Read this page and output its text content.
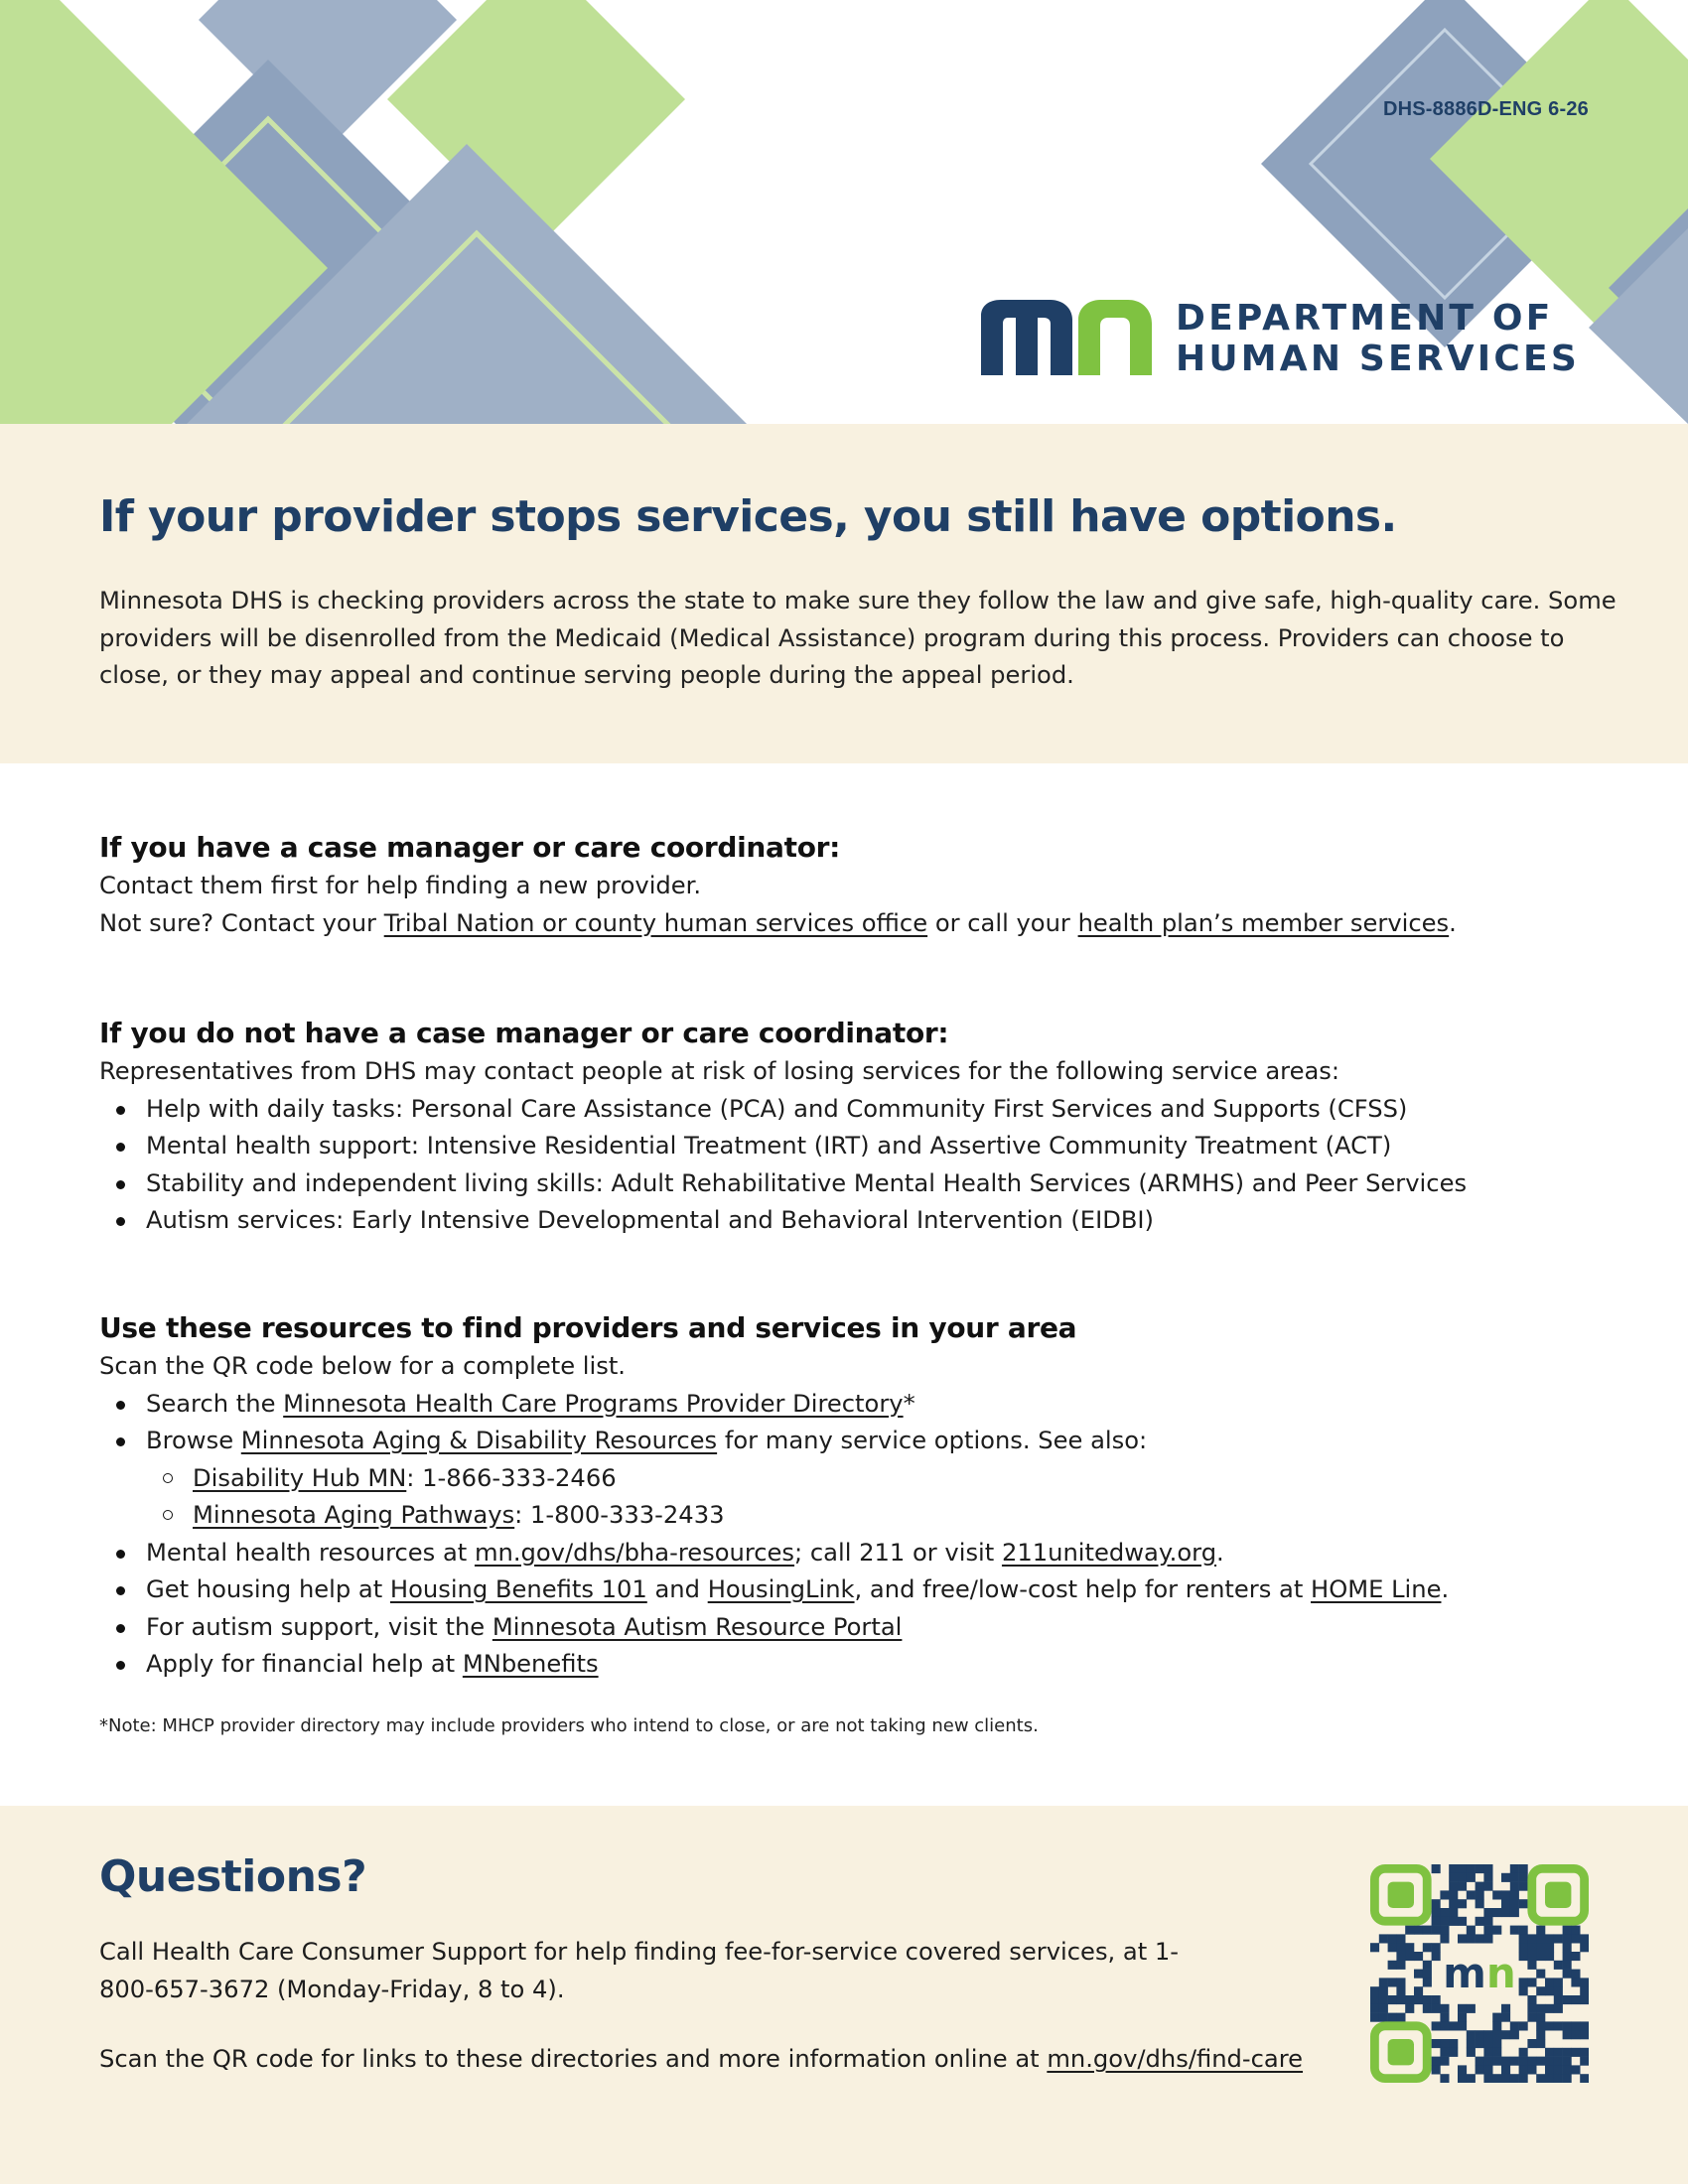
DHS-8886D-ENG 6-26
DEPARTMENT OF
HUMAN SERVICES
If your provider stops services, you still have options.

Minnesota DHS is checking providers across the state to make sure they follow the law and give safe, high-quality care. Some providers will be disenrolled from the Medicaid (Medical Assistance) program during this process. Providers can choose to close, or they may appeal and continue serving people during the appeal period.

If you have a case manager or care coordinator:
Contact them first for help finding a new provider.
Not sure? Contact your Tribal Nation or county human services office or call your health plan’s member services.
If you do not have a case manager or care coordinator:
Representatives from DHS may contact people at risk of losing services for the following service areas:
Help with daily tasks: Personal Care Assistance (PCA) and Community First Services and Supports (CFSS)
Mental health support: Intensive Residential Treatment (IRT) and Assertive Community Treatment (ACT)
Stability and independent living skills: Adult Rehabilitative Mental Health Services (ARMHS) and Peer Services
Autism services: Early Intensive Developmental and Behavioral Intervention (EIDBI)
Use these resources to find providers and services in your area
Scan the QR code below for a complete list.
Search the Minnesota Health Care Programs Provider Directory*
Browse Minnesota Aging & Disability Resources for many service options. See also:
Disability Hub MN: 1-866-333-2466
Minnesota Aging Pathways: 1-800-333-2433
Mental health resources at mn.gov/dhs/bha-resources; call 211 or visit 211unitedway.org.
Get housing help at Housing Benefits 101 and HousingLink, and free/low-cost help for renters at HOME Line.
For autism support, visit the Minnesota Autism Resource Portal
Apply for financial help at MNbenefits
*Note: MHCP provider directory may include providers who intend to close, or are not taking new clients.
Questions?
Call Health Care Consumer Support for help finding fee-for-service covered services, at 1-800-657-3672 (Monday-Friday, 8 to 4).
Scan the QR code for links to these directories and more information online at mn.gov/dhs/find-care
mn
